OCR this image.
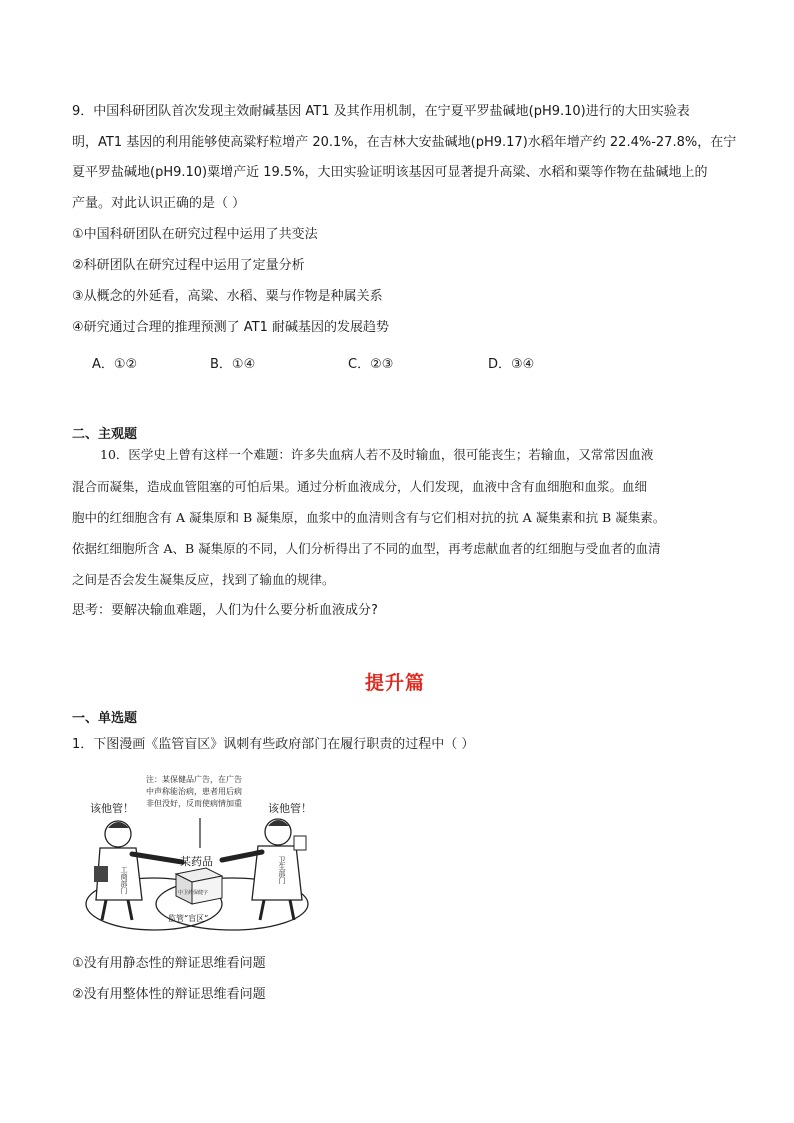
9．中国科研团队首次发现主效耐碱基因 AT1 及其作用机制，在宁夏平罗盐碱地(pH9.10)进行的大田实验表
明，AT1 基因的利用能够使高粱籽粒增产 20.1%，在吉林大安盐碱地(pH9.17)水稻年增产约 22.4%-27.8%，在宁
夏平罗盐碱地(pH9.10)粟增产近 19.5%，大田实验证明该基因可显著提升高粱、水稻和粟等作物在盐碱地上的
产量。对此认识正确的是（ ）
①中国科研团队在研究过程中运用了共变法
②科研团队在研究过程中运用了定量分析
③从概念的外延看，高粱、水稻、粟与作物是种属关系
④研究通过合理的推理预测了 AT1 耐碱基因的发展趋势
A．①②	B．①④	C．②③	D．③④
二、主观题
10．医学史上曾有这样一个难题：许多失血病人若不及时输血，很可能丧生；若输血，又常常因血液
混合而凝集，造成血管阻塞的可怕后果。通过分析血液成分，人们发现，血液中含有血细胞和血浆。血细
胞中的红细胞含有 A 凝集原和 B 凝集原，血浆中的血清则含有与它们相对抗的抗 A 凝集素和抗 B 凝集素。
依据红细胞所含 A、B 凝集原的不同，人们分析得出了不同的血型，再考虑献血者的红细胞与受血者的血清
之间是否会发生凝集反应，找到了输血的规律。
思考：要解决输血难题，人们为什么要分析血液成分?
提升篇
一、单选题
1．下图漫画《监管盲区》讽刺有些政府部门在履行职责的过程中（ ）
注：某保健品广告，在广告
中声称能治病，患者用后病
非但没好，反而使病情加重
该他管！	该他管！
工商部门	卫生部门
某药品
中卫药保健字
监管“盲区”
①没有用静态性的辩证思维看问题
②没有用整体性的辩证思维看问题
